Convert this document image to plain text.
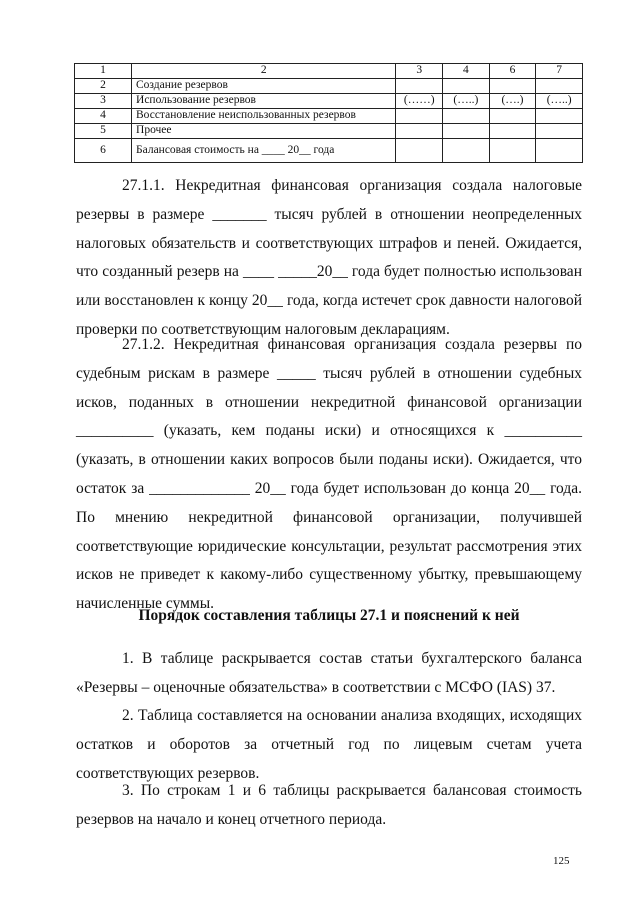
1	2	3	4	6	7
2	Создание резервов				
3	Использование резервов	(……)	(…..)	(….)	(…..)
4	Восстановление неиспользованных резервов				
5	Прочее				
6	Балансовая стоимость на ____ 20__ года				

27.1.1. Некредитная финансовая организация создала налоговые резервы в размере _______ тысяч рублей в отношении неопределенных налоговых обязательств и соответствующих штрафов и пеней. Ожидается, что созданный резерв на ____ _____20__ года будет полностью использован или восстановлен к концу 20__ года, когда истечет срок давности налоговой проверки по соответствующим налоговым декларациям.

27.1.2. Некредитная финансовая организация создала резервы по судебным рискам в размере _____ тысяч рублей в отношении судебных исков, поданных в отношении некредитной финансовой организации __________ (указать, кем поданы иски) и относящихся к __________ (указать, в отношении каких вопросов были поданы иски). Ожидается, что остаток за _____________ 20__ года будет использован до конца 20__ года. По мнению некредитной финансовой организации, получившей соответствующие юридические консультации, результат рассмотрения этих исков не приведет к какому-либо существенному убытку, превышающему начисленные суммы.

Порядок составления таблицы 27.1 и пояснений к ней

1. В таблице раскрывается состав статьи бухгалтерского баланса «Резервы – оценочные обязательства» в соответствии с МСФО (IAS) 37.

2. Таблица составляется на основании анализа входящих, исходящих остатков и оборотов за отчетный год по лицевым счетам учета соответствующих резервов.

3. По строкам 1 и 6 таблицы раскрывается балансовая стоимость резервов на начало и конец отчетного периода.

125
